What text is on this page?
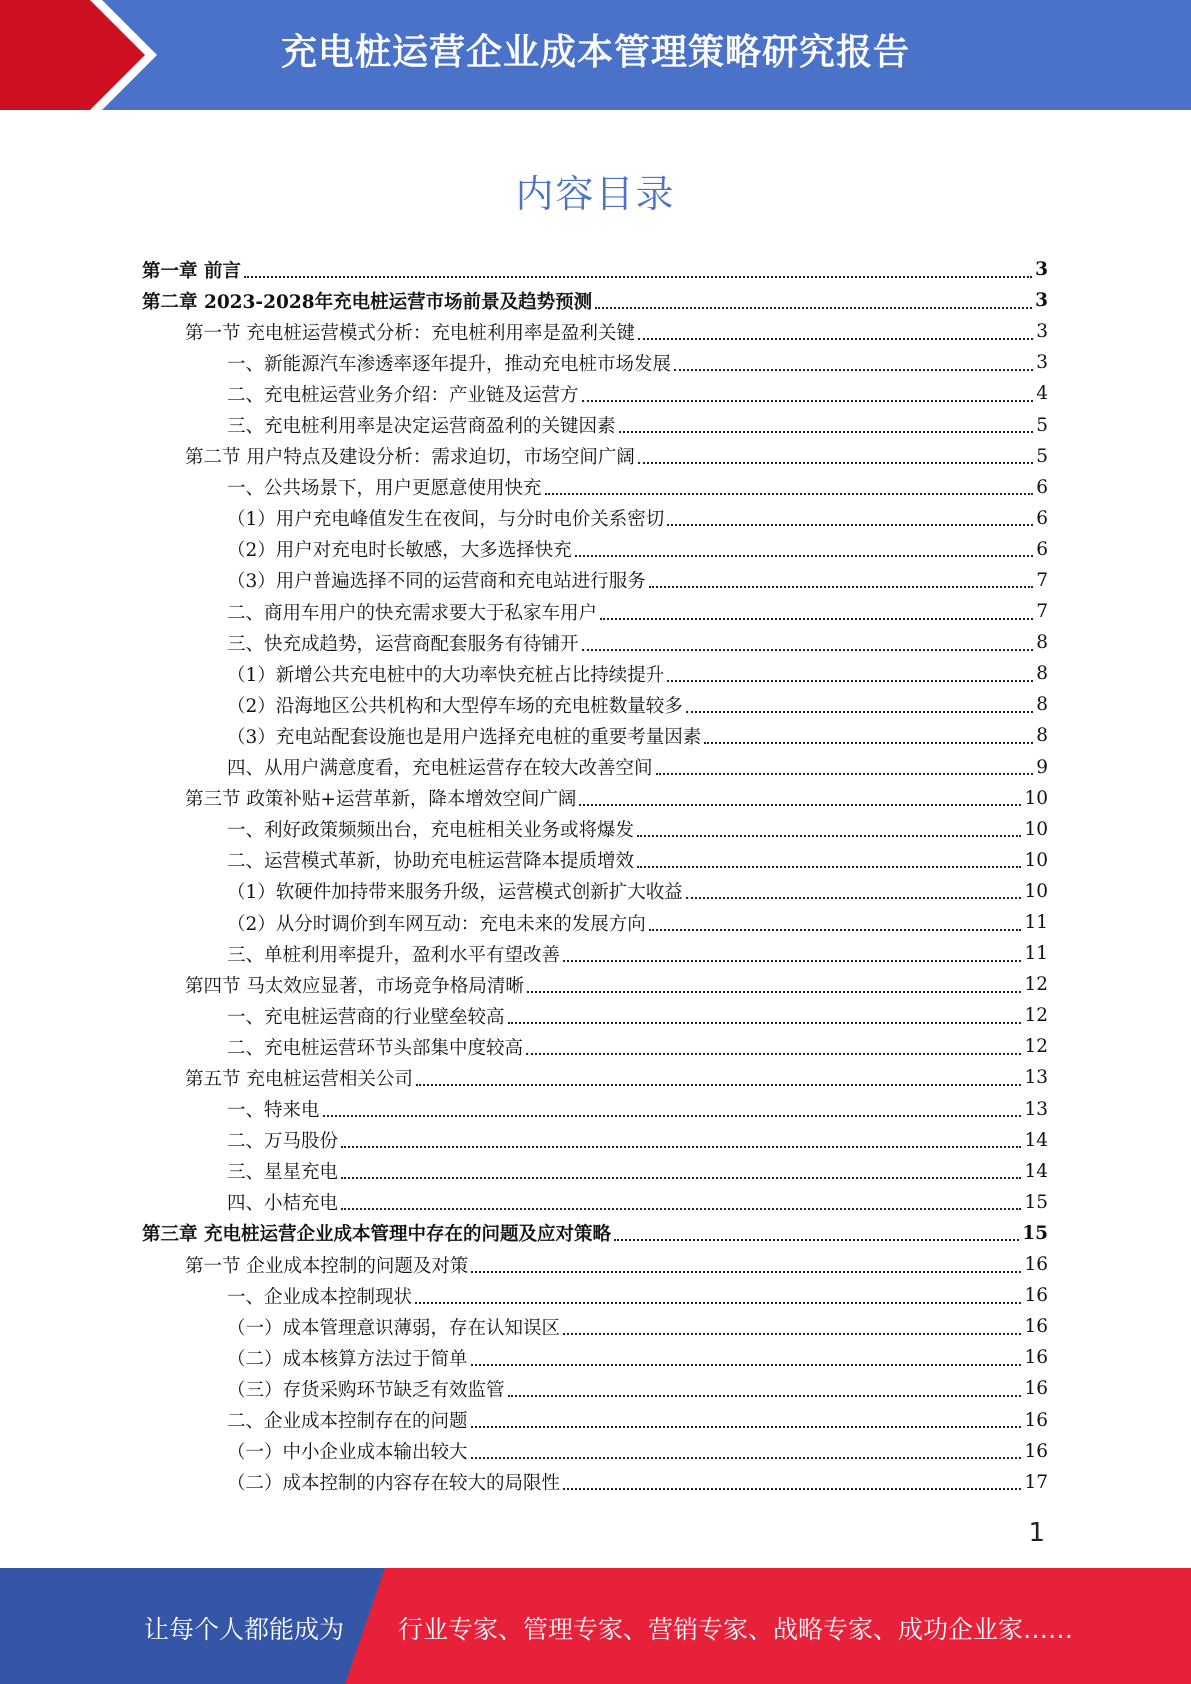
充电桩运营企业成本管理策略研究报告
内容目录
第一章 前言	3
第二章 2023-2028年充电桩运营市场前景及趋势预测	3
第一节 充电桩运营模式分析：充电桩利用率是盈利关键	3
一、新能源汽车渗透率逐年提升，推动充电桩市场发展	3
二、充电桩运营业务介绍：产业链及运营方	4
三、充电桩利用率是决定运营商盈利的关键因素	5
第二节 用户特点及建设分析：需求迫切，市场空间广阔	5
一、公共场景下，用户更愿意使用快充	6
（1）用户充电峰值发生在夜间，与分时电价关系密切	6
（2）用户对充电时长敏感，大多选择快充	6
（3）用户普遍选择不同的运营商和充电站进行服务	7
二、商用车用户的快充需求要大于私家车用户	7
三、快充成趋势，运营商配套服务有待铺开	8
（1）新增公共充电桩中的大功率快充桩占比持续提升	8
（2）沿海地区公共机构和大型停车场的充电桩数量较多	8
（3）充电站配套设施也是用户选择充电桩的重要考量因素	8
四、从用户满意度看，充电桩运营存在较大改善空间	9
第三节 政策补贴+运营革新，降本增效空间广阔	10
一、利好政策频频出台，充电桩相关业务或将爆发	10
二、运营模式革新，协助充电桩运营降本提质增效	10
（1）软硬件加持带来服务升级，运营模式创新扩大收益	10
（2）从分时调价到车网互动：充电未来的发展方向	11
三、单桩利用率提升，盈利水平有望改善	11
第四节 马太效应显著，市场竞争格局清晰	12
一、充电桩运营商的行业壁垒较高	12
二、充电桩运营环节头部集中度较高	12
第五节 充电桩运营相关公司	13
一、特来电	13
二、万马股份	14
三、星星充电	14
四、小桔充电	15
第三章 充电桩运营企业成本管理中存在的问题及应对策略	15
第一节 企业成本控制的问题及对策	16
一、企业成本控制现状	16
（一）成本管理意识薄弱，存在认知误区	16
（二）成本核算方法过于简单	16
（三）存货采购环节缺乏有效监管	16
二、企业成本控制存在的问题	16
（一）中小企业成本输出较大	16
（二）成本控制的内容存在较大的局限性	17
1
让每个人都能成为 行业专家、管理专家、营销专家、战略专家、成功企业家……
